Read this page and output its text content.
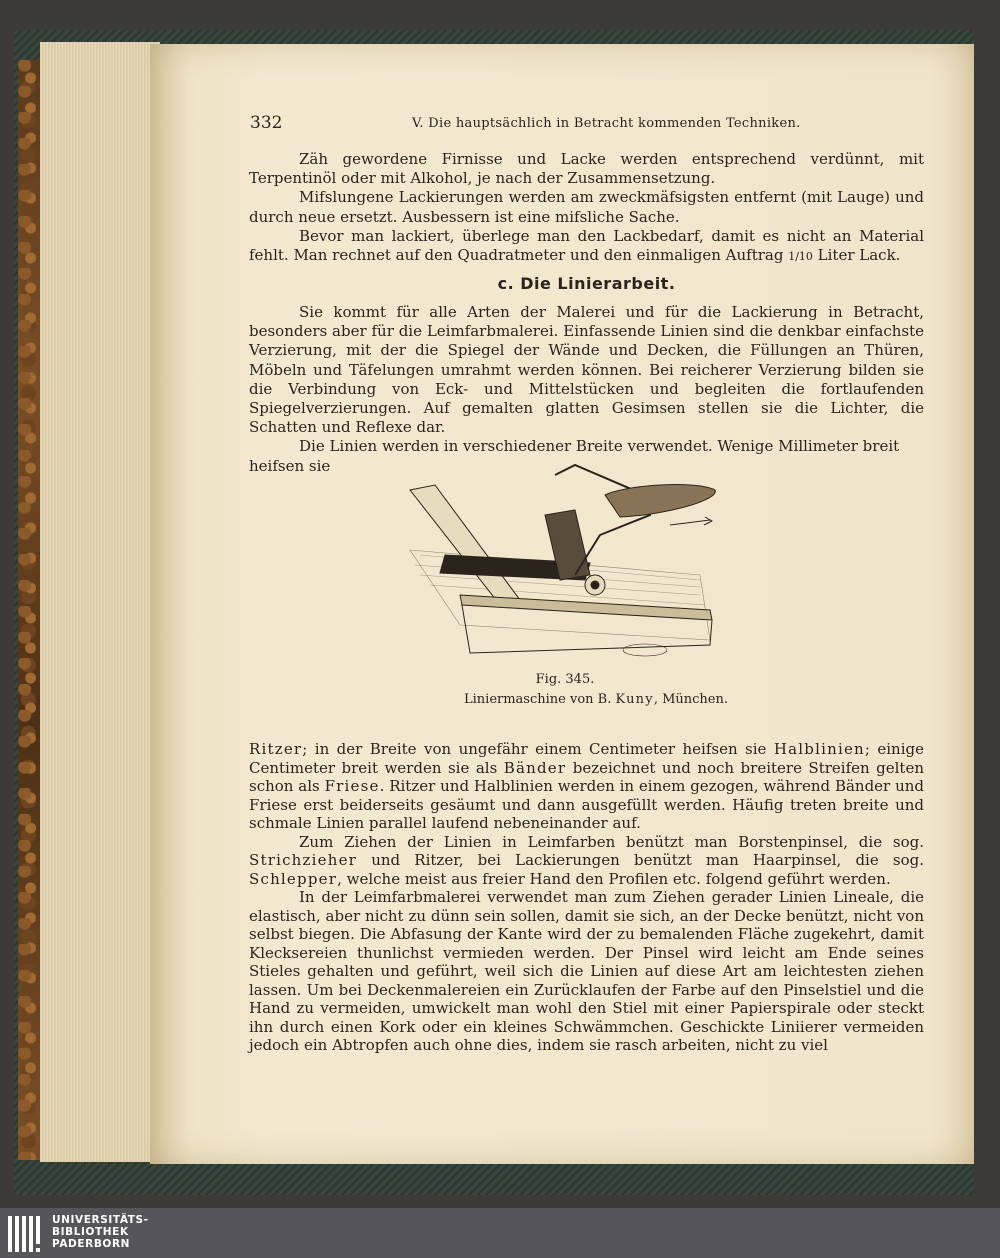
332	V. Die hauptsächlich in Betracht kommenden Techniken.

Zäh gewordene Firnisse und Lacke werden entsprechend verdünnt, mit Terpentinöl oder mit Alkohol, je nach der Zusammensetzung.

Mifslungene Lackierungen werden am zweckmäfsigsten entfernt (mit Lauge) und durch neue ersetzt. Ausbessern ist eine mifsliche Sache.

Bevor man lackiert, überlege man den Lackbedarf, damit es nicht an Material fehlt. Man rechnet auf den Quadratmeter und den einmaligen Auftrag 1/10 Liter Lack.

c. Die Linierarbeit.

Sie kommt für alle Arten der Malerei und für die Lackierung in Betracht, besonders aber für die Leimfarbmalerei. Einfassende Linien sind die denkbar einfachste Verzierung, mit der die Spiegel der Wände und Decken, die Füllungen an Thüren, Möbeln und Täfelungen umrahmt werden können. Bei reicherer Verzierung bilden sie die Verbindung von Eck- und Mittelstücken und begleiten die fortlaufenden Spiegelverzierungen. Auf gemalten glatten Gesimsen stellen sie die Lichter, die Schatten und Reflexe dar.

Die Linien werden in verschiedener Breite verwendet. Wenige Millimeter breit heifsen sie

Fig. 345.
Liniermaschine von B. Kuny, München.

Ritzer; in der Breite von ungefähr einem Centimeter heifsen sie Halblinien; einige Centimeter breit werden sie als Bänder bezeichnet und noch breitere Streifen gelten schon als Friese. Ritzer und Halblinien werden in einem gezogen, während Bänder und Friese erst beiderseits gesäumt und dann ausgefüllt werden. Häufig treten breite und schmale Linien parallel laufend nebeneinander auf.

Zum Ziehen der Linien in Leimfarben benützt man Borstenpinsel, die sog. Strichzieher und Ritzer, bei Lackierungen benützt man Haarpinsel, die sog. Schlepper, welche meist aus freier Hand den Profilen etc. folgend geführt werden.

In der Leimfarbmalerei verwendet man zum Ziehen gerader Linien Lineale, die elastisch, aber nicht zu dünn sein sollen, damit sie sich, an der Decke benützt, nicht von selbst biegen. Die Abfasung der Kante wird der zu bemalenden Fläche zugekehrt, damit Klecksereien thunlichst vermieden werden. Der Pinsel wird leicht am Ende seines Stieles gehalten und geführt, weil sich die Linien auf diese Art am leichtesten ziehen lassen. Um bei Deckenmalereien ein Zurücklaufen der Farbe auf den Pinselstiel und die Hand zu vermeiden, umwickelt man wohl den Stiel mit einer Papierspirale oder steckt ihn durch einen Kork oder ein kleines Schwämmchen. Geschickte Liniierer vermeiden jedoch ein Abtropfen auch ohne dies, indem sie rasch arbeiten, nicht zu viel

UNIVERSITÄTS-
BIBLIOTHEK
PADERBORN
